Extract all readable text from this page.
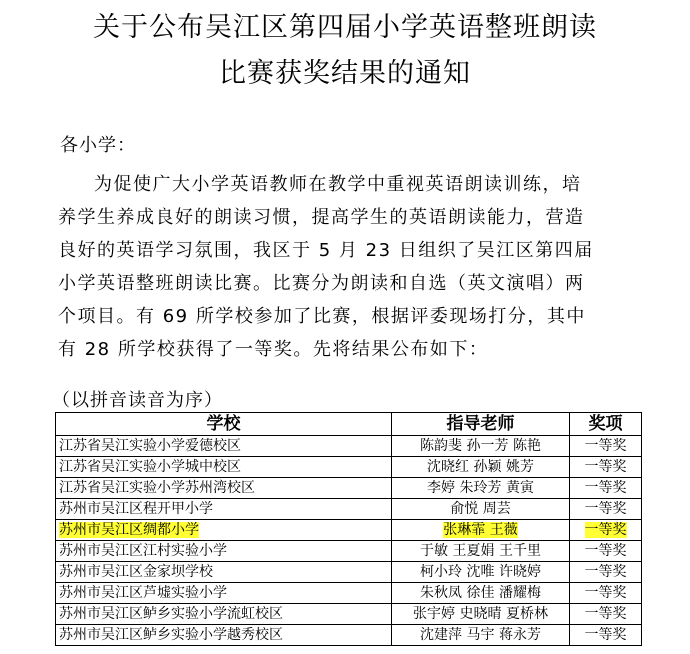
关于公布吴江区第四届小学英语整班朗读
比赛获奖结果的通知
各小学：
为促使广大小学英语教师在教学中重视英语朗读训练，培
养学生养成良好的朗读习惯，提高学生的英语朗读能力，营造
良好的英语学习氛围，我区于 5 月 23 日组织了吴江区第四届
小学英语整班朗读比赛。比赛分为朗读和自选（英文演唱）两
个项目。有 69 所学校参加了比赛，根据评委现场打分，其中
有 28 所学校获得了一等奖。先将结果公布如下：
（以拼音读音为序）
学校	指导老师	奖项
江苏省吴江实验小学爱德校区	陈韵斐 孙一芳 陈艳	一等奖
江苏省吴江实验小学城中校区	沈晓红 孙颖 姚芳	一等奖
江苏省吴江实验小学苏州湾校区	李婷 朱玲芳 黄寅	一等奖
苏州市吴江区程开甲小学	俞悦 周芸	一等奖
苏州市吴江区绸都小学	张琳霏 王薇	一等奖
苏州市吴江区江村实验小学	于敏 王夏娟 王千里	一等奖
苏州市吴江区金家坝学校	柯小玲 沈唯 许晓婷	一等奖
苏州市吴江区芦墟实验小学	朱秋凤 徐佳 潘耀梅	一等奖
苏州市吴江区鲈乡实验小学流虹校区	张宇婷 史晓晴 夏桥林	一等奖
苏州市吴江区鲈乡实验小学越秀校区	沈建萍 马宇 蒋永芳	一等奖
